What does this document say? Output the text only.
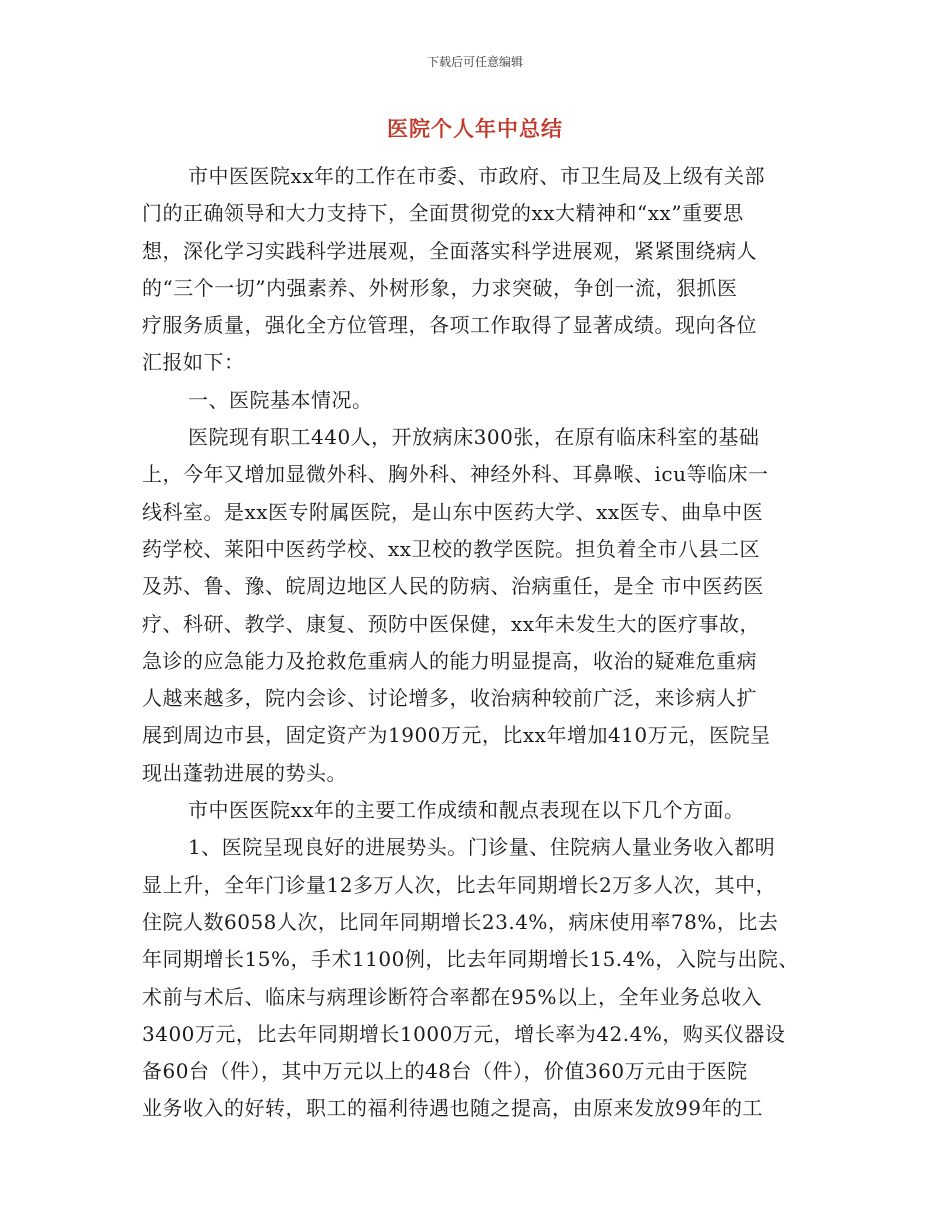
下载后可任意编辑
医院个人年中总结
市中医医院xx年的工作在市委、市政府、市卫生局及上级有关部
门的正确领导和大力支持下，全面贯彻党的xx大精神和“xx”重要思
想，深化学习实践科学进展观，全面落实科学进展观，紧紧围绕病人
的“三个一切”内强素养、外树形象，力求突破，争创一流，狠抓医
疗服务质量，强化全方位管理，各项工作取得了显著成绩。现向各位
汇报如下：
一、医院基本情况。
医院现有职工440人，开放病床300张，在原有临床科室的基础
上，今年又增加显微外科、胸外科、神经外科、耳鼻喉、icu等临床一
线科室。是xx医专附属医院，是山东中医药大学、xx医专、曲阜中医
药学校、莱阳中医药学校、xx卫校的教学医院。担负着全市八县二区
及苏、鲁、豫、皖周边地区人民的防病、治病重任，是全 市中医药医
疗、科研、教学、康复、预防中医保健，xx年未发生大的医疗事故，
急诊的应急能力及抢救危重病人的能力明显提高，收治的疑难危重病
人越来越多，院内会诊、讨论增多，收治病种较前广泛，来诊病人扩
展到周边市县，固定资产为1900万元，比xx年增加410万元，医院呈
现出蓬勃进展的势头。
市中医医院xx年的主要工作成绩和靓点表现在以下几个方面。
1、医院呈现良好的进展势头。门诊量、住院病人量业务收入都明
显上升，全年门诊量12多万人次，比去年同期增长2万多人次，其中，
住院人数6058人次，比同年同期增长23.4%，病床使用率78%，比去
年同期增长15%，手术1100例，比去年同期增长15.4%，入院与出院、
术前与术后、临床与病理诊断符合率都在95%以上，全年业务总收入
3400万元，比去年同期增长1000万元，增长率为42.4%，购买仪器设
备60台（件），其中万元以上的48台（件），价值360万元由于医院
业务收入的好转，职工的福利待遇也随之提高，由原来发放99年的工
